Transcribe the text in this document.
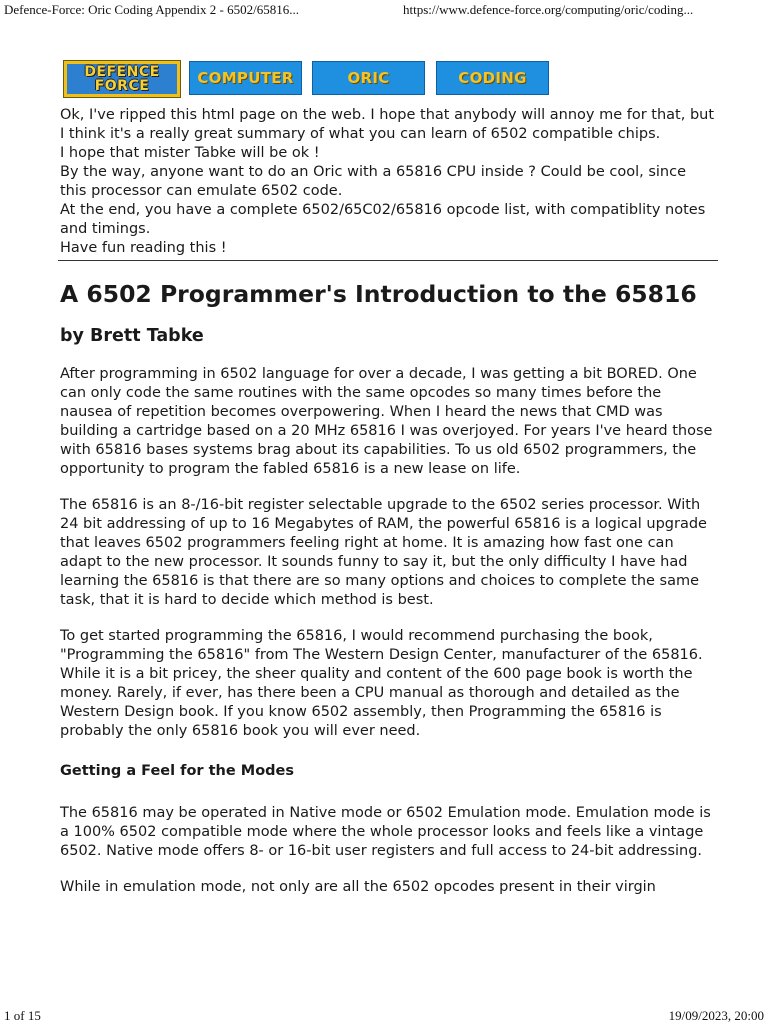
Defence-Force: Oric Coding Appendix 2 - 6502/65816...	https://www.defence-force.org/computing/oric/coding...
DEFENCE
FORCE	COMPUTER	ORIC	CODING

Ok, I've ripped this html page on the web. I hope that anybody will annoy me for that, but I think it's a really great summary of what you can learn of 6502 compatible chips.

I hope that mister Tabke will be ok !

By the way, anyone want to do an Oric with a 65816 CPU inside ? Could be cool, since this processor can emulate 6502 code.

At the end, you have a complete 6502/65C02/65816 opcode list, with compatiblity notes and timings.

Have fun reading this !

A 6502 Programmer's Introduction to the 65816
by Brett Tabke

After programming in 6502 language for over a decade, I was getting a bit BORED. One can only code the same routines with the same opcodes so many times before the nausea of repetition becomes overpowering. When I heard the news that CMD was building a cartridge based on a 20 MHz 65816 I was overjoyed. For years I've heard those with 65816 bases systems brag about its capabilities. To us old 6502 programmers, the opportunity to program the fabled 65816 is a new lease on life.

The 65816 is an 8-/16-bit register selectable upgrade to the 6502 series processor. With 24 bit addressing of up to 16 Megabytes of RAM, the powerful 65816 is a logical upgrade that leaves 6502 programmers feeling right at home. It is amazing how fast one can adapt to the new processor. It sounds funny to say it, but the only difficulty I have had learning the 65816 is that there are so many options and choices to complete the same task, that it is hard to decide which method is best.

To get started programming the 65816, I would recommend purchasing the book, "Programming the 65816" from The Western Design Center, manufacturer of the 65816. While it is a bit pricey, the sheer quality and content of the 600 page book is worth the money. Rarely, if ever, has there been a CPU manual as thorough and detailed as the Western Design book. If you know 6502 assembly, then Programming the 65816 is probably the only 65816 book you will ever need.

Getting a Feel for the Modes

The 65816 may be operated in Native mode or 6502 Emulation mode. Emulation mode is a 100% 6502 compatible mode where the whole processor looks and feels like a vintage 6502. Native mode offers 8- or 16-bit user registers and full access to 24-bit addressing.

While in emulation mode, not only are all the 6502 opcodes present in their virgin

1 of 15	19/09/2023, 20:00
